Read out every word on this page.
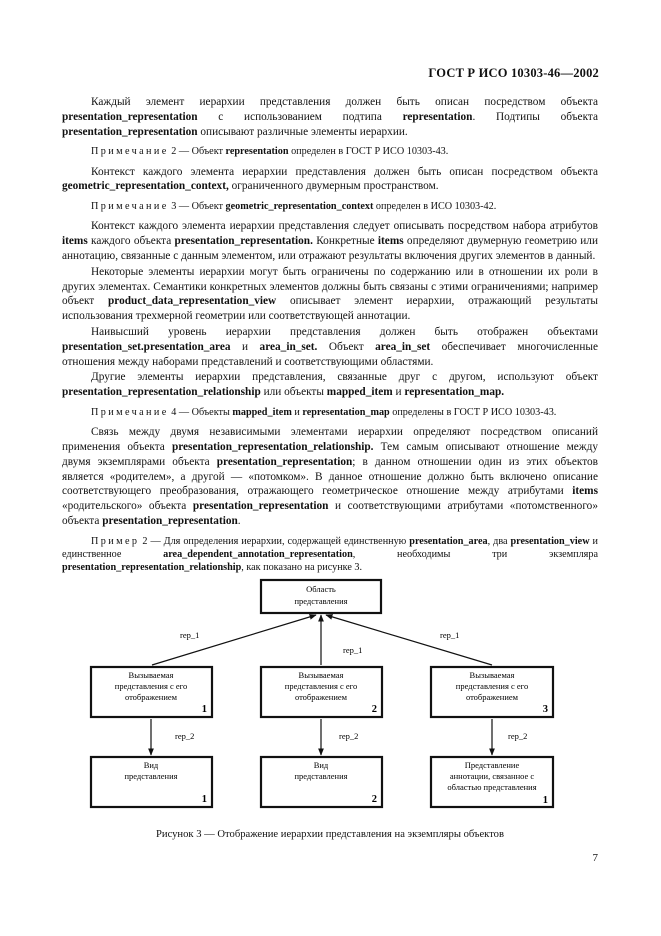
ГОСТ Р ИСО 10303-46—2002

Каждый элемент иерархии представления должен быть описан посредством объекта presentation_representation с использованием подтипа representation. Подтипы объекта presentation_representation описывают различные элементы иерархии.

Примечание 2 — Объект representation определен в ГОСТ Р ИСО 10303-43.

Контекст каждого элемента иерархии представления должен быть описан посредством объекта geometric_representation_context, ограниченного двумерным пространством.

Примечание 3 — Объект geometric_representation_context определен в ИСО 10303-42.

Контекст каждого элемента иерархии представления следует описывать посредством набора атрибутов items каждого объекта presentation_representation. Конкретные items определяют двумерную геометрию или аннотацию, связанные с данным элементом, или отражают результаты включения других элементов в данный.

Некоторые элементы иерархии могут быть ограничены по содержанию или в отношении их роли в других элементах. Семантики конкретных элементов должны быть связаны с этими ограничениями; например объект product_data_representation_view описывает элемент иерархии, отражающий результаты использования трехмерной геометрии или соответствующей аннотации.

Наивысший уровень иерархии представления должен быть отображен объектами presentation_set.presentation_area и area_in_set. Объект area_in_set обеспечивает многочисленные отношения между наборами представлений и соответствующими областями.

Другие элементы иерархии представления, связанные друг с другом, используют объект presentation_representation_relationship или объекты mapped_item и representation_map.

Примечание 4 — Объекты mapped_item и representation_map определены в ГОСТ Р ИСО 10303-43.

Связь между двумя независимыми элементами иерархии определяют посредством описаний применения объекта presentation_representation_relationship. Тем самым описывают отношение между двумя экземплярами объекта presentation_representation; в данном отношении один из этих объектов является «родителем», а другой — «потомком». В данное отношение должно быть включено описание соответствующего преобразования, отражающего геометрическое отношение между атрибутами items «родительского» объекта presentation_representation и соответствующими атрибутами «потомственного» объекта presentation_representation.

Пример 2 — Для определения иерархии, содержащей единственную presentation_area, два presentation_view и единственное area_dependent_annotation_representation, необходимы три экземпляра presentation_representation_relationship, как показано на рисунке 3.

Область
представления
rep_1
rep_1
rep_1
Вызываемая
представления с его
отображением
1
Вызываемая
представления с его
отображением
2
Вызываемая
представления с его
отображением
3
rep_2	rep_2	rep_2
Вид
представления
1
Вид
представления
2
Представление
аннотации, связанное с
областью представления
1
Рисунок 3 — Отображение иерархии представления на экземпляры объектов
7
